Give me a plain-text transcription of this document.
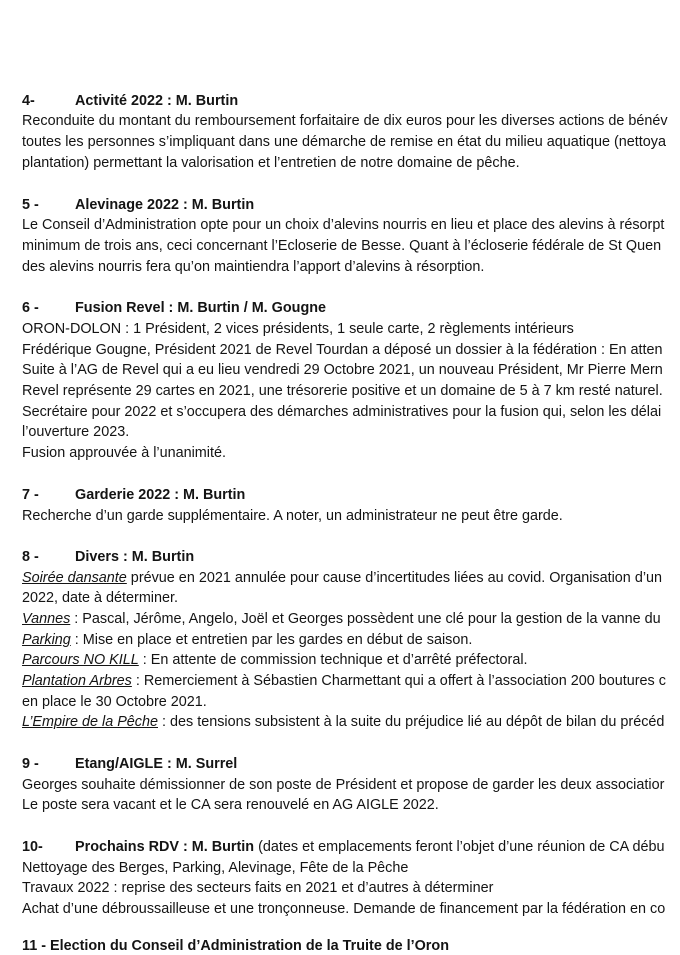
4-	Activité 2022 : M. Burtin
Reconduite du montant du remboursement forfaitaire de dix euros pour les diverses actions de bénév
toutes les personnes s’impliquant dans une démarche de remise en état du milieu aquatique (nettoya
plantation) permettant la valorisation et l’entretien de notre domaine de pêche.
5 -	Alevinage 2022 : M. Burtin
Le Conseil d’Administration opte pour un choix d’alevins nourris en lieu et place des alevins à résorpt
minimum de trois ans, ceci concernant l’Ecloserie de Besse. Quant à l’écloserie fédérale de St Quen
des alevins nourris fera qu’on maintiendra l’apport d’alevins à résorption.
6 -	Fusion Revel : M. Burtin / M. Gougne
ORON-DOLON : 1 Président, 2 vices présidents, 1 seule carte, 2 règlements intérieurs
Frédérique Gougne, Président 2021 de Revel Tourdan a déposé un dossier à la fédération : En atten
Suite à l’AG de Revel qui a eu lieu vendredi 29 Octobre 2021, un nouveau Président, Mr Pierre Mern
Revel représente 29 cartes en 2021, une trésorerie positive et un domaine de 5 à 7 km resté naturel.
Secrétaire pour 2022 et s’occupera des démarches administratives pour la fusion qui, selon les délai
l’ouverture 2023.
Fusion approuvée à l’unanimité.
7 -	Garderie 2022 : M. Burtin
Recherche d’un garde supplémentaire. A noter, un administrateur ne peut être garde.
8 -	Divers : M. Burtin
Soirée dansante prévue en 2021 annulée pour cause d’incertitudes liées au covid. Organisation d’un
2022, date à déterminer.
Vannes : Pascal, Jérôme, Angelo, Joël et Georges possèdent une clé pour la gestion de la vanne du
Parking : Mise en place et entretien par les gardes en début de saison.
Parcours NO KILL : En attente de commission technique et d’arrêté préfectoral.
Plantation Arbres : Remerciement à Sébastien Charmettant qui a offert à l’association 200 boutures c
en place le 30 Octobre 2021.
L’Empire de la Pêche : des tensions subsistent à la suite du préjudice lié au dépôt de bilan du précéd
9 -	Etang/AIGLE : M. Surrel
Georges souhaite démissionner de son poste de Président et propose de garder les deux associatior
Le poste sera vacant et le CA sera renouvelé en AG AIGLE 2022.
10- Prochains RDV : M. Burtin (dates et emplacements feront l’objet d’une réunion de CA débu
Nettoyage des Berges, Parking, Alevinage, Fête de la Pêche
Travaux 2022 : reprise des secteurs faits en 2021 et d’autres à déterminer
Achat d’une débroussailleuse et une tronçonneuse. Demande de financement par la fédération en co
11 - Election du Conseil d’Administration de la Truite de l’Oron
